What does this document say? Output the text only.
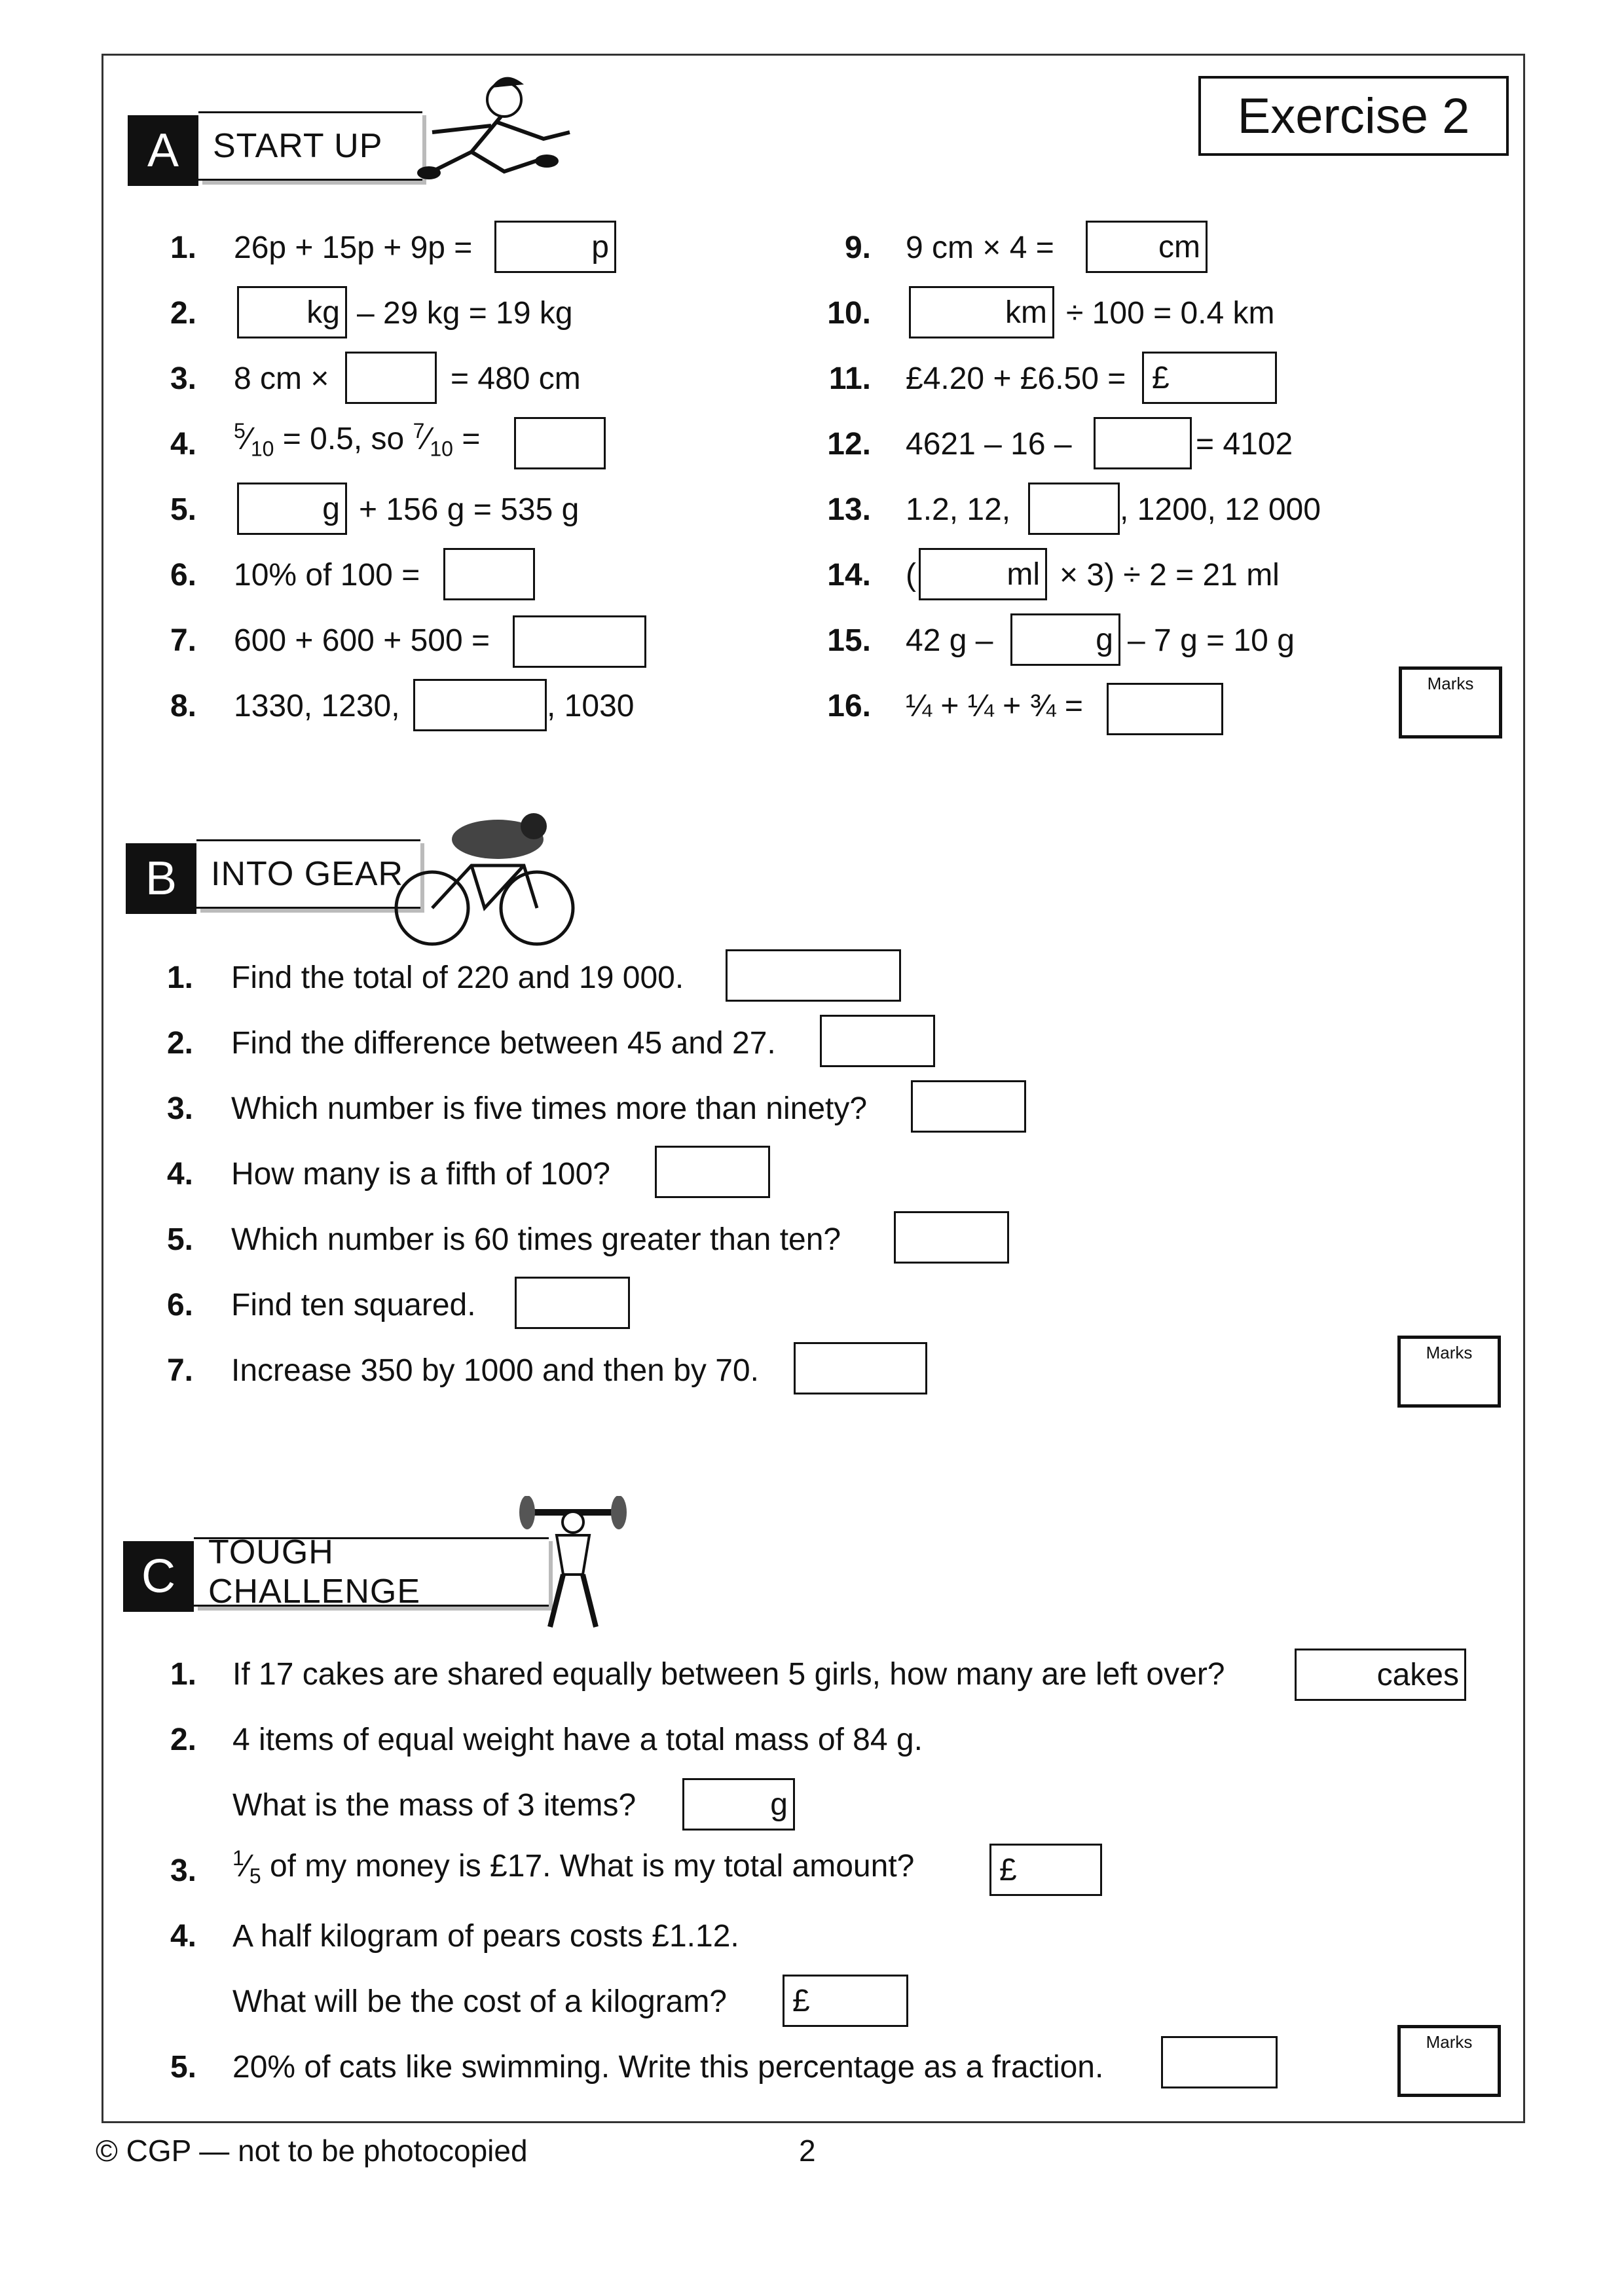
Exercise 2
A START UP
1. 26p + 15p + 9p =	p
2.	kg – 29 kg = 19 kg
3. 8 cm ×	= 480 cm
4. $^5⁄_{10} = 0.5$, so $^7⁄_{10}$ =
5.	g + 156 g = 535 g
6. 10% of 100 =
7. 600 + 600 + 500 =
8. 1330, 1230,	, 1030
9. 9 cm × 4 =	cm
10.	km ÷ 100 = 0.4 km
11. £4.20 + £6.50 = £
12. 4621 – 16 –	= 4102
13. 1.2, 12,	, 1200, 12 000
14. (	ml × 3) ÷ 2 = 21 ml
15. 42 g –	g – 7 g = 10 g
16. ¼ + ¼ + ¾ =
Marks
B INTO GEAR
1. Find the total of 220 and 19 000.
2. Find the difference between 45 and 27.
3. Which number is five times more than ninety?
4. How many is a fifth of 100?
5. Which number is 60 times greater than ten?
6. Find ten squared.
7. Increase 350 by 1000 and then by 70.
Marks
C TOUGH CHALLENGE
1. If 17 cakes are shared equally between 5 girls, how many are left over?	cakes
2. 4 items of equal weight have a total mass of 84 g.
What is the mass of 3 items?	g
3. $^1⁄_5$ of my money is £17. What is my total amount?	£
4. A half kilogram of pears costs £1.12.
What will be the cost of a kilogram? £
5. 20% of cats like swimming. Write this percentage as a fraction.
Marks
© CGP — not to be photocopied	2
